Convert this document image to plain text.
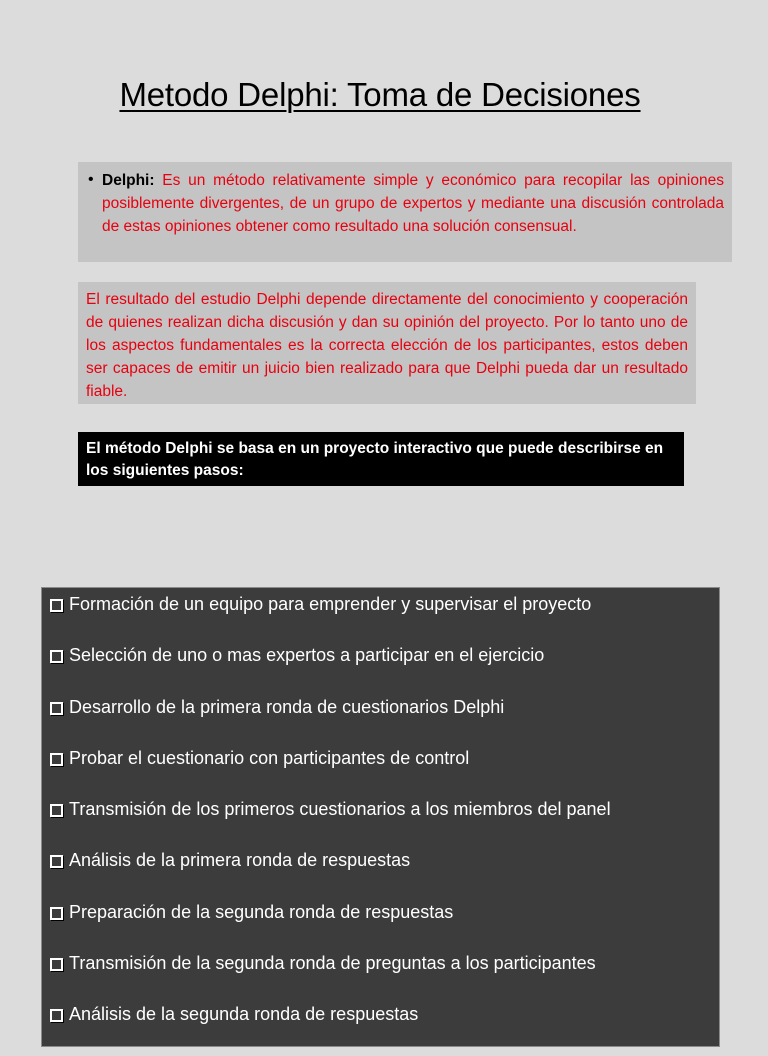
Metodo Delphi: Toma de Decisiones
• Delphi: Es un método relativamente simple y económico para recopilar las opiniones posiblemente divergentes, de un grupo de expertos y mediante una discusión controlada de estas opiniones obtener como resultado una solución consensual.
El resultado del estudio Delphi depende directamente del conocimiento y cooperación de quienes realizan dicha discusión y dan su opinión del proyecto. Por lo tanto uno de los aspectos fundamentales es la correcta elección de los participantes, estos deben ser capaces de emitir un juicio bien realizado para que Delphi pueda dar un resultado fiable.
El método Delphi se basa en un proyecto interactivo que puede describirse en los siguientes pasos:
Formación de un equipo para emprender y supervisar el proyecto
Selección de uno o mas expertos a participar en el ejercicio
Desarrollo de la primera ronda de cuestionarios Delphi
Probar el cuestionario con participantes de control
Transmisión de los primeros cuestionarios a los miembros del panel
Análisis de la primera ronda de respuestas
Preparación de la segunda ronda de respuestas
Transmisión de la segunda ronda de preguntas a los participantes
Análisis de la segunda ronda de respuestas
